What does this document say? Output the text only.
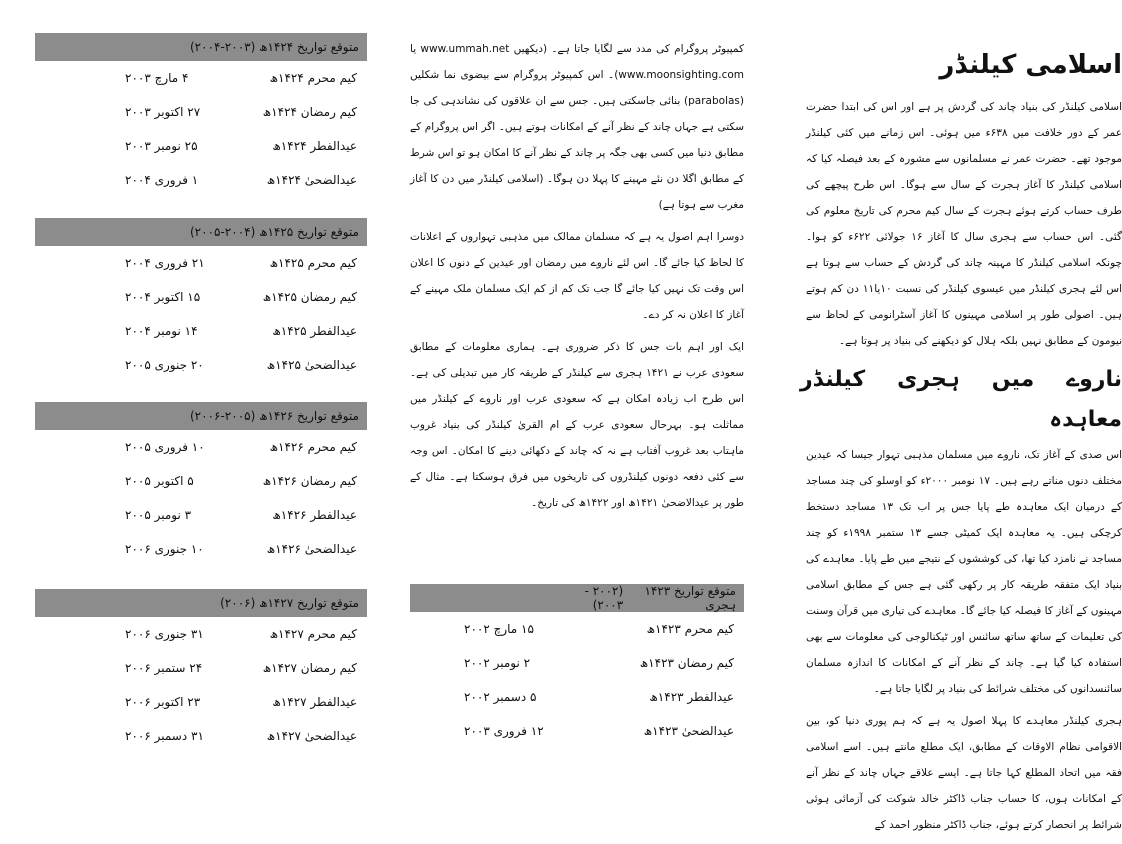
اسلامی کیلنڈر

اسلامی کیلنڈر کی بنیاد چاند کی گردش پر ہے اور اس کی ابتدا حضرت عمر کے دور خلافت میں ۶۳۸ء میں ہوئی۔ اس زمانے میں کئی کیلنڈر موجود تھے۔ حضرت عمر نے مسلمانوں سے مشورہ کے بعد فیصلہ کیا کہ اسلامی کیلنڈر کا آغاز ہجرت کے سال سے ہوگا۔ اس طرح پیچھے کی طرف حساب کرتے ہوئے ہجرت کے سال کیم محرم کی تاریخ معلوم کی گئی۔ اس حساب سے ہجری سال کا آغاز ۱۶ جولائی ۶۲۲ء کو ہوا۔ چونکہ اسلامی کیلنڈر کا مہینہ چاند کی گردش کے حساب سے ہوتا ہے اس لئے ہجری کیلنڈر میں عیسوی کیلنڈر کی نسبت ۱۰یا۱۱ دن کم ہوتے ہیں۔ اصولی طور پر اسلامی مہینوں کا آغاز آسٹرانومی کے لحاظ سے نیومون کے مطابق نہیں بلکہ ہلال کو دیکھنے کی بنیاد پر ہوتا ہے۔

ناروے میں ہجری کیلنڈر معاہدہ

اس صدی کے آغاز تک، ناروے میں مسلمان مذہبی تہوار جیسا کہ عیدین مختلف دنوں مناتے رہے ہیں۔ ۱۷ نومبر ۲۰۰۰ء کو اوسلو کی چند مساجد کے درمیان ایک معاہدہ طے پایا جس پر اب تک ۱۳ مساجد دستخط کرچکی ہیں۔ یہ معاہدہ ایک کمیٹی جسے ۱۳ ستمبر ۱۹۹۸ء کو چند مساجد نے نامزد کیا تھا، کی کوششوں کے نتیجے میں طے پایا۔ معاہدے کی بنیاد ایک متفقہ طریقہ کار پر رکھی گئی ہے جس کے مطابق اسلامی مہینوں کے آغاز کا فیصلہ کیا جائے گا۔ معاہدے کی تیاری میں قرآن وسنت کی تعلیمات کے ساتھ ساتھ سائنس اور ٹیکنالوجی کی معلومات سے بھی استفادہ کیا گیا ہے۔ چاند کے نظر آنے کے امکانات کا اندازہ مسلمان سائنسدانوں کی مختلف شرائط کی بنیاد پر لگایا جاتا ہے۔

ہجری کیلنڈر معاہدے کا پہلا اصول یہ ہے کہ ہم پوری دنیا کو، بین الاقوامی نظام الاوقات کے مطابق، ایک مطلع مانتے ہیں۔ اسے اسلامی فقہ میں اتحاد المطلع کہا جاتا ہے۔ ایسے علاقے جہاں چاند کے نظر آنے کے امکانات ہوں، کا حساب جناب ڈاکٹر خالد شوکت کی آزمائی ہوئی شرائط پر انحصار کرتے ہوئے، جناب ڈاکٹر منظور احمد کے

کمپیوٹر پروگرام کی مدد سے لگایا جاتا ہے۔ (دیکھیں www.ummah.net یا www.moonsighting.com)۔ اس کمپیوٹر پروگرام سے بیضوی نما شکلیں (parabolas) بنائی جاسکتی ہیں۔ جس سے ان علاقوں کی نشاندہی کی جا سکتی ہے جہاں چاند کے نظر آنے کے امکانات ہوتے ہیں۔ اگر اس پروگرام کے مطابق دنیا میں کسی بھی جگہ پر چاند کے نظر آنے کا امکان ہو تو اس شرط کے مطابق اگلا دن نئے مہینے کا پہلا دن ہوگا۔ (اسلامی کیلنڈر میں دن کا آغاز مغرب سے ہوتا ہے)

دوسرا اہم اصول یہ ہے کہ مسلمان ممالک میں مذہبی تہواروں کے اعلانات کا لحاظ کیا جائے گا۔ اس لئے ناروے میں رمضان اور عیدین کے دنوں کا اعلان اس وقت تک نہیں کیا جائے گا جب تک کم از کم ایک مسلمان ملک مہینے کے آغاز کا اعلان نہ کر دے۔

ایک اور اہم بات جس کا ذکر ضروری ہے۔ ہماری معلومات کے مطابق سعودی عرب نے ۱۴۲۱ ہجری سے کیلنڈر کے طریقہ کار میں تبدیلی کی ہے۔ اس طرح اب زیادہ امکان ہے کہ سعودی عرب اور ناروے کے کیلنڈر میں مماثلت ہو۔ بہرحال سعودی عرب کے ام القریٰ کیلنڈر کی بنیاد غروب ماہتاب بعد غروب آفتاب ہے نہ کہ چاند کے دکھائی دینے کا امکان۔ اس وجہ سے کئی دفعہ دونوں کیلنڈروں کی تاریخوں میں فرق ہوسکتا ہے۔ مثال کے طور پر عیدالاضحیٰ ۱۴۲۱ھ اور ۱۴۲۲ھ کی تاریخ۔

متوقع تواریخ ۱۴۲۳ ہجری
(۲۰۰۲ - ۲۰۰۳)
کیم محرم ۱۴۲۳ھ
۱۵ مارچ ۲۰۰۲
کیم رمضان ۱۴۲۳ھ
۲ نومبر ۲۰۰۲
عیدالفطر ۱۴۲۳ھ
۵ دسمبر ۲۰۰۲
عیدالضحیٰ ۱۴۲۳ھ
۱۲ فروری ۲۰۰۳
متوقع تواریخ ۱۴۲۴ھ (۲۰۰۳-۲۰۰۴)
کیم محرم ۱۴۲۴ھ
۴ مارچ ۲۰۰۳
کیم رمضان ۱۴۲۴ھ
۲۷ اکتوبر ۲۰۰۳
عیدالفطر ۱۴۲۴ھ
۲۵ نومبر ۲۰۰۳
عیدالضحیٰ ۱۴۲۴ھ
۱ فروری ۲۰۰۴
متوقع تواریخ ۱۴۲۵ھ (۲۰۰۴-۲۰۰۵)
کیم محرم ۱۴۲۵ھ
۲۱ فروری ۲۰۰۴
کیم رمضان ۱۴۲۵ھ
۱۵ اکتوبر ۲۰۰۴
عیدالفطر ۱۴۲۵ھ
۱۴ نومبر ۲۰۰۴
عیدالضحیٰ ۱۴۲۵ھ
۲۰ جنوری ۲۰۰۵
متوقع تواریخ ۱۴۲۶ھ (۲۰۰۵-۲۰۰۶)
کیم محرم ۱۴۲۶ھ
۱۰ فروری ۲۰۰۵
کیم رمضان ۱۴۲۶ھ
۵ اکتوبر ۲۰۰۵
عیدالفطر ۱۴۲۶ھ
۳ نومبر ۲۰۰۵
عیدالضحیٰ ۱۴۲۶ھ
۱۰ جنوری ۲۰۰۶
متوقع تواریخ ۱۴۲۷ھ (۲۰۰۶)
کیم محرم ۱۴۲۷ھ
۳۱ جنوری ۲۰۰۶
کیم رمضان ۱۴۲۷ھ
۲۴ ستمبر ۲۰۰۶
عیدالفطر ۱۴۲۷ھ
۲۳ اکتوبر ۲۰۰۶
عیدالضحیٰ ۱۴۲۷ھ
۳۱ دسمبر ۲۰۰۶
